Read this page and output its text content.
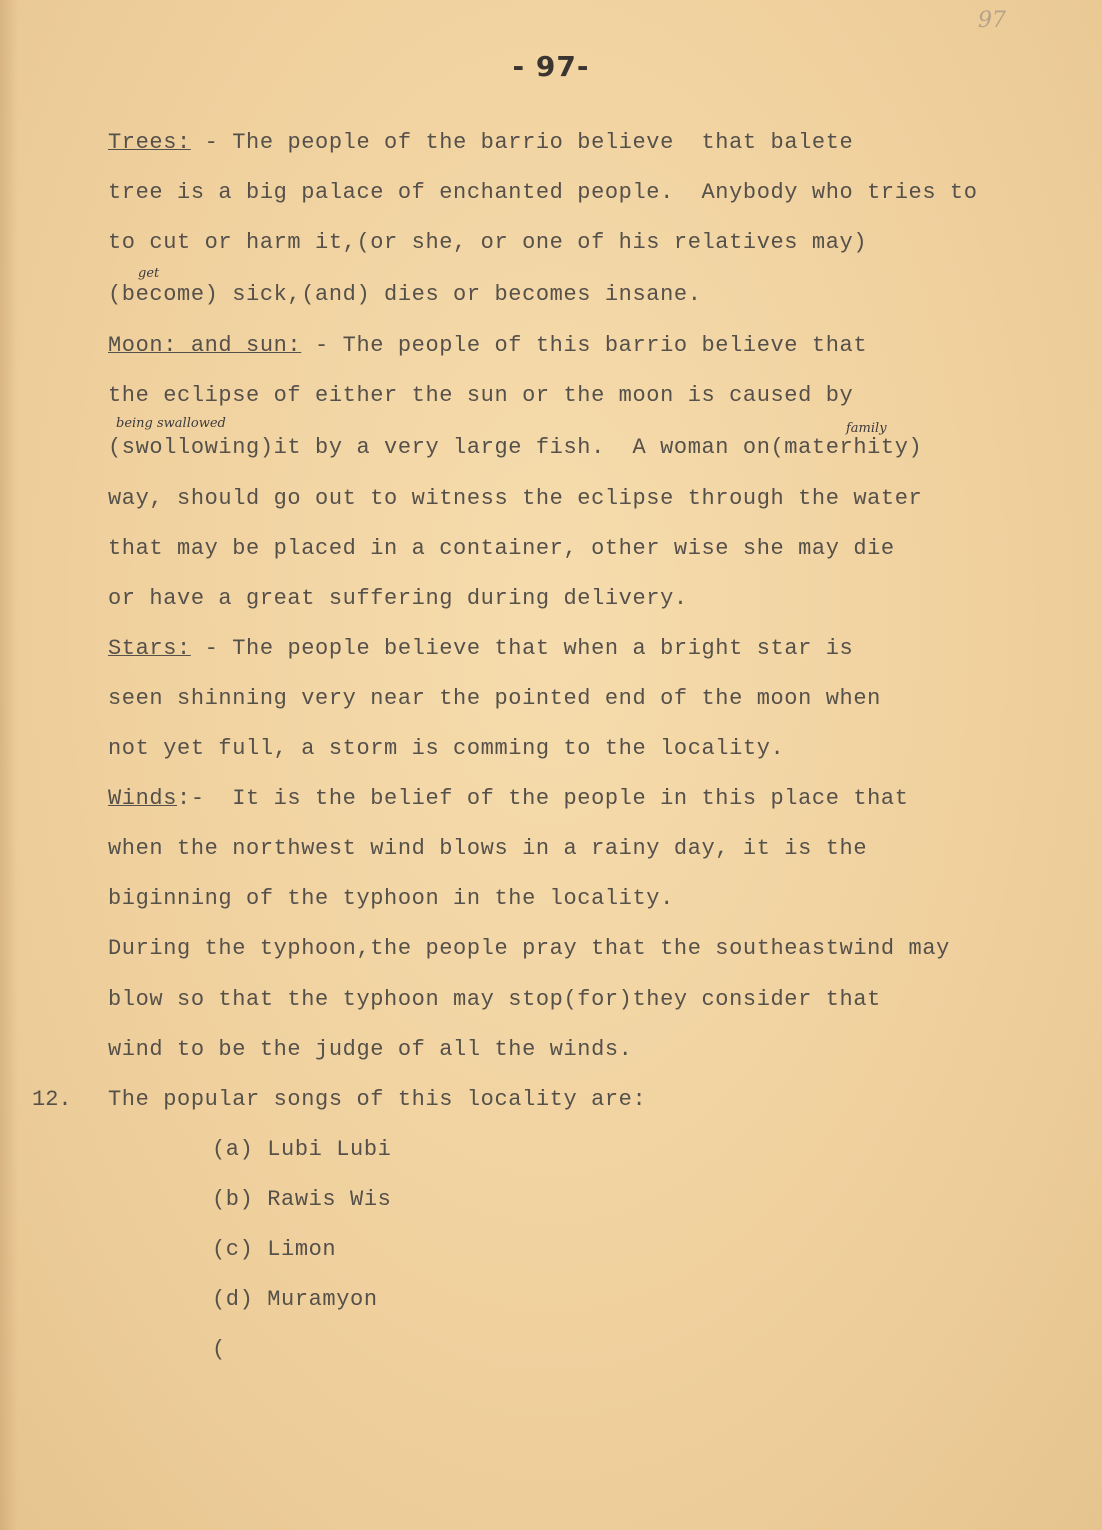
97
- 97-
Trees: - The people of the barrio believe  that balete
tree is a big palace of enchanted people.  Anybody who tries to
to cut or harm it,(or she, or one of his relatives may)
get
(become) sick,(and) dies or becomes insane.
Moon: and sun: - The people of this barrio believe that
the eclipse of either the sun or the moon is caused by
being swallowed	family
(swollowing)it by a very large fish.  A woman on(materhity)
way, should go out to witness the eclipse through the water
that may be placed in a container, other wise she may die
or have a great suffering during delivery.
Stars: - The people believe that when a bright star is
seen shinning very near the pointed end of the moon when
not yet full, a storm is comming to the locality.
Winds:-  It is the belief of the people in this place that
when the northwest wind blows in a rainy day, it is the
biginning of the typhoon in the locality.
During the typhoon,the people pray that the southeastwind may
blow so that the typhoon may stop(for)they consider that
wind to be the judge of all the winds.
12. The popular songs of this locality are:
(a) Lubi Lubi
(b) Rawis Wis
(c) Limon
(d) Muramyon
(
